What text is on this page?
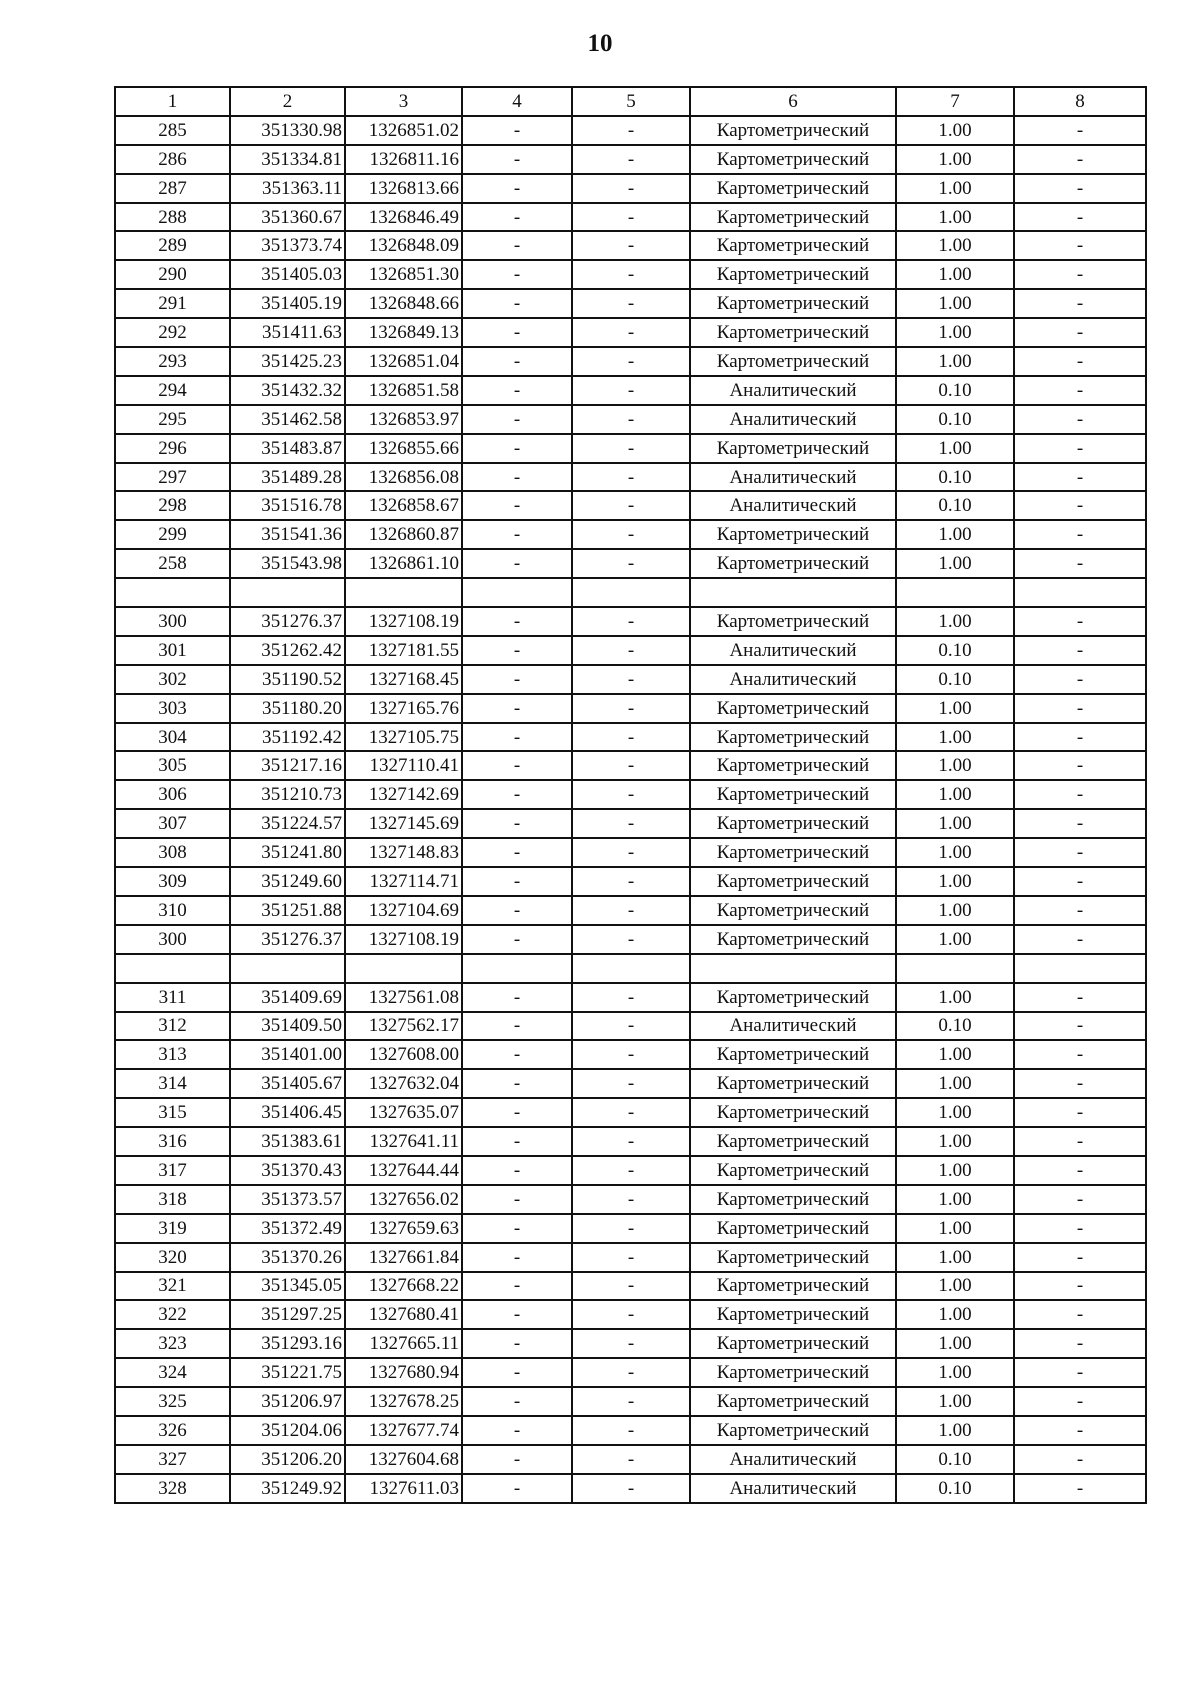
10
1	2	3	4	5	6	7	8
285	351330.98	1326851.02	-	-	Картометрический	1.00	-
286	351334.81	1326811.16	-	-	Картометрический	1.00	-
287	351363.11	1326813.66	-	-	Картометрический	1.00	-
288	351360.67	1326846.49	-	-	Картометрический	1.00	-
289	351373.74	1326848.09	-	-	Картометрический	1.00	-
290	351405.03	1326851.30	-	-	Картометрический	1.00	-
291	351405.19	1326848.66	-	-	Картометрический	1.00	-
292	351411.63	1326849.13	-	-	Картометрический	1.00	-
293	351425.23	1326851.04	-	-	Картометрический	1.00	-
294	351432.32	1326851.58	-	-	Аналитический	0.10	-
295	351462.58	1326853.97	-	-	Аналитический	0.10	-
296	351483.87	1326855.66	-	-	Картометрический	1.00	-
297	351489.28	1326856.08	-	-	Аналитический	0.10	-
298	351516.78	1326858.67	-	-	Аналитический	0.10	-
299	351541.36	1326860.87	-	-	Картометрический	1.00	-
258	351543.98	1326861.10	-	-	Картометрический	1.00	-

300	351276.37	1327108.19	-	-	Картометрический	1.00	-
301	351262.42	1327181.55	-	-	Аналитический	0.10	-
302	351190.52	1327168.45	-	-	Аналитический	0.10	-
303	351180.20	1327165.76	-	-	Картометрический	1.00	-
304	351192.42	1327105.75	-	-	Картометрический	1.00	-
305	351217.16	1327110.41	-	-	Картометрический	1.00	-
306	351210.73	1327142.69	-	-	Картометрический	1.00	-
307	351224.57	1327145.69	-	-	Картометрический	1.00	-
308	351241.80	1327148.83	-	-	Картометрический	1.00	-
309	351249.60	1327114.71	-	-	Картометрический	1.00	-
310	351251.88	1327104.69	-	-	Картометрический	1.00	-
300	351276.37	1327108.19	-	-	Картометрический	1.00	-

311	351409.69	1327561.08	-	-	Картометрический	1.00	-
312	351409.50	1327562.17	-	-	Аналитический	0.10	-
313	351401.00	1327608.00	-	-	Картометрический	1.00	-
314	351405.67	1327632.04	-	-	Картометрический	1.00	-
315	351406.45	1327635.07	-	-	Картометрический	1.00	-
316	351383.61	1327641.11	-	-	Картометрический	1.00	-
317	351370.43	1327644.44	-	-	Картометрический	1.00	-
318	351373.57	1327656.02	-	-	Картометрический	1.00	-
319	351372.49	1327659.63	-	-	Картометрический	1.00	-
320	351370.26	1327661.84	-	-	Картометрический	1.00	-
321	351345.05	1327668.22	-	-	Картометрический	1.00	-
322	351297.25	1327680.41	-	-	Картометрический	1.00	-
323	351293.16	1327665.11	-	-	Картометрический	1.00	-
324	351221.75	1327680.94	-	-	Картометрический	1.00	-
325	351206.97	1327678.25	-	-	Картометрический	1.00	-
326	351204.06	1327677.74	-	-	Картометрический	1.00	-
327	351206.20	1327604.68	-	-	Аналитический	0.10	-
328	351249.92	1327611.03	-	-	Аналитический	0.10	-
